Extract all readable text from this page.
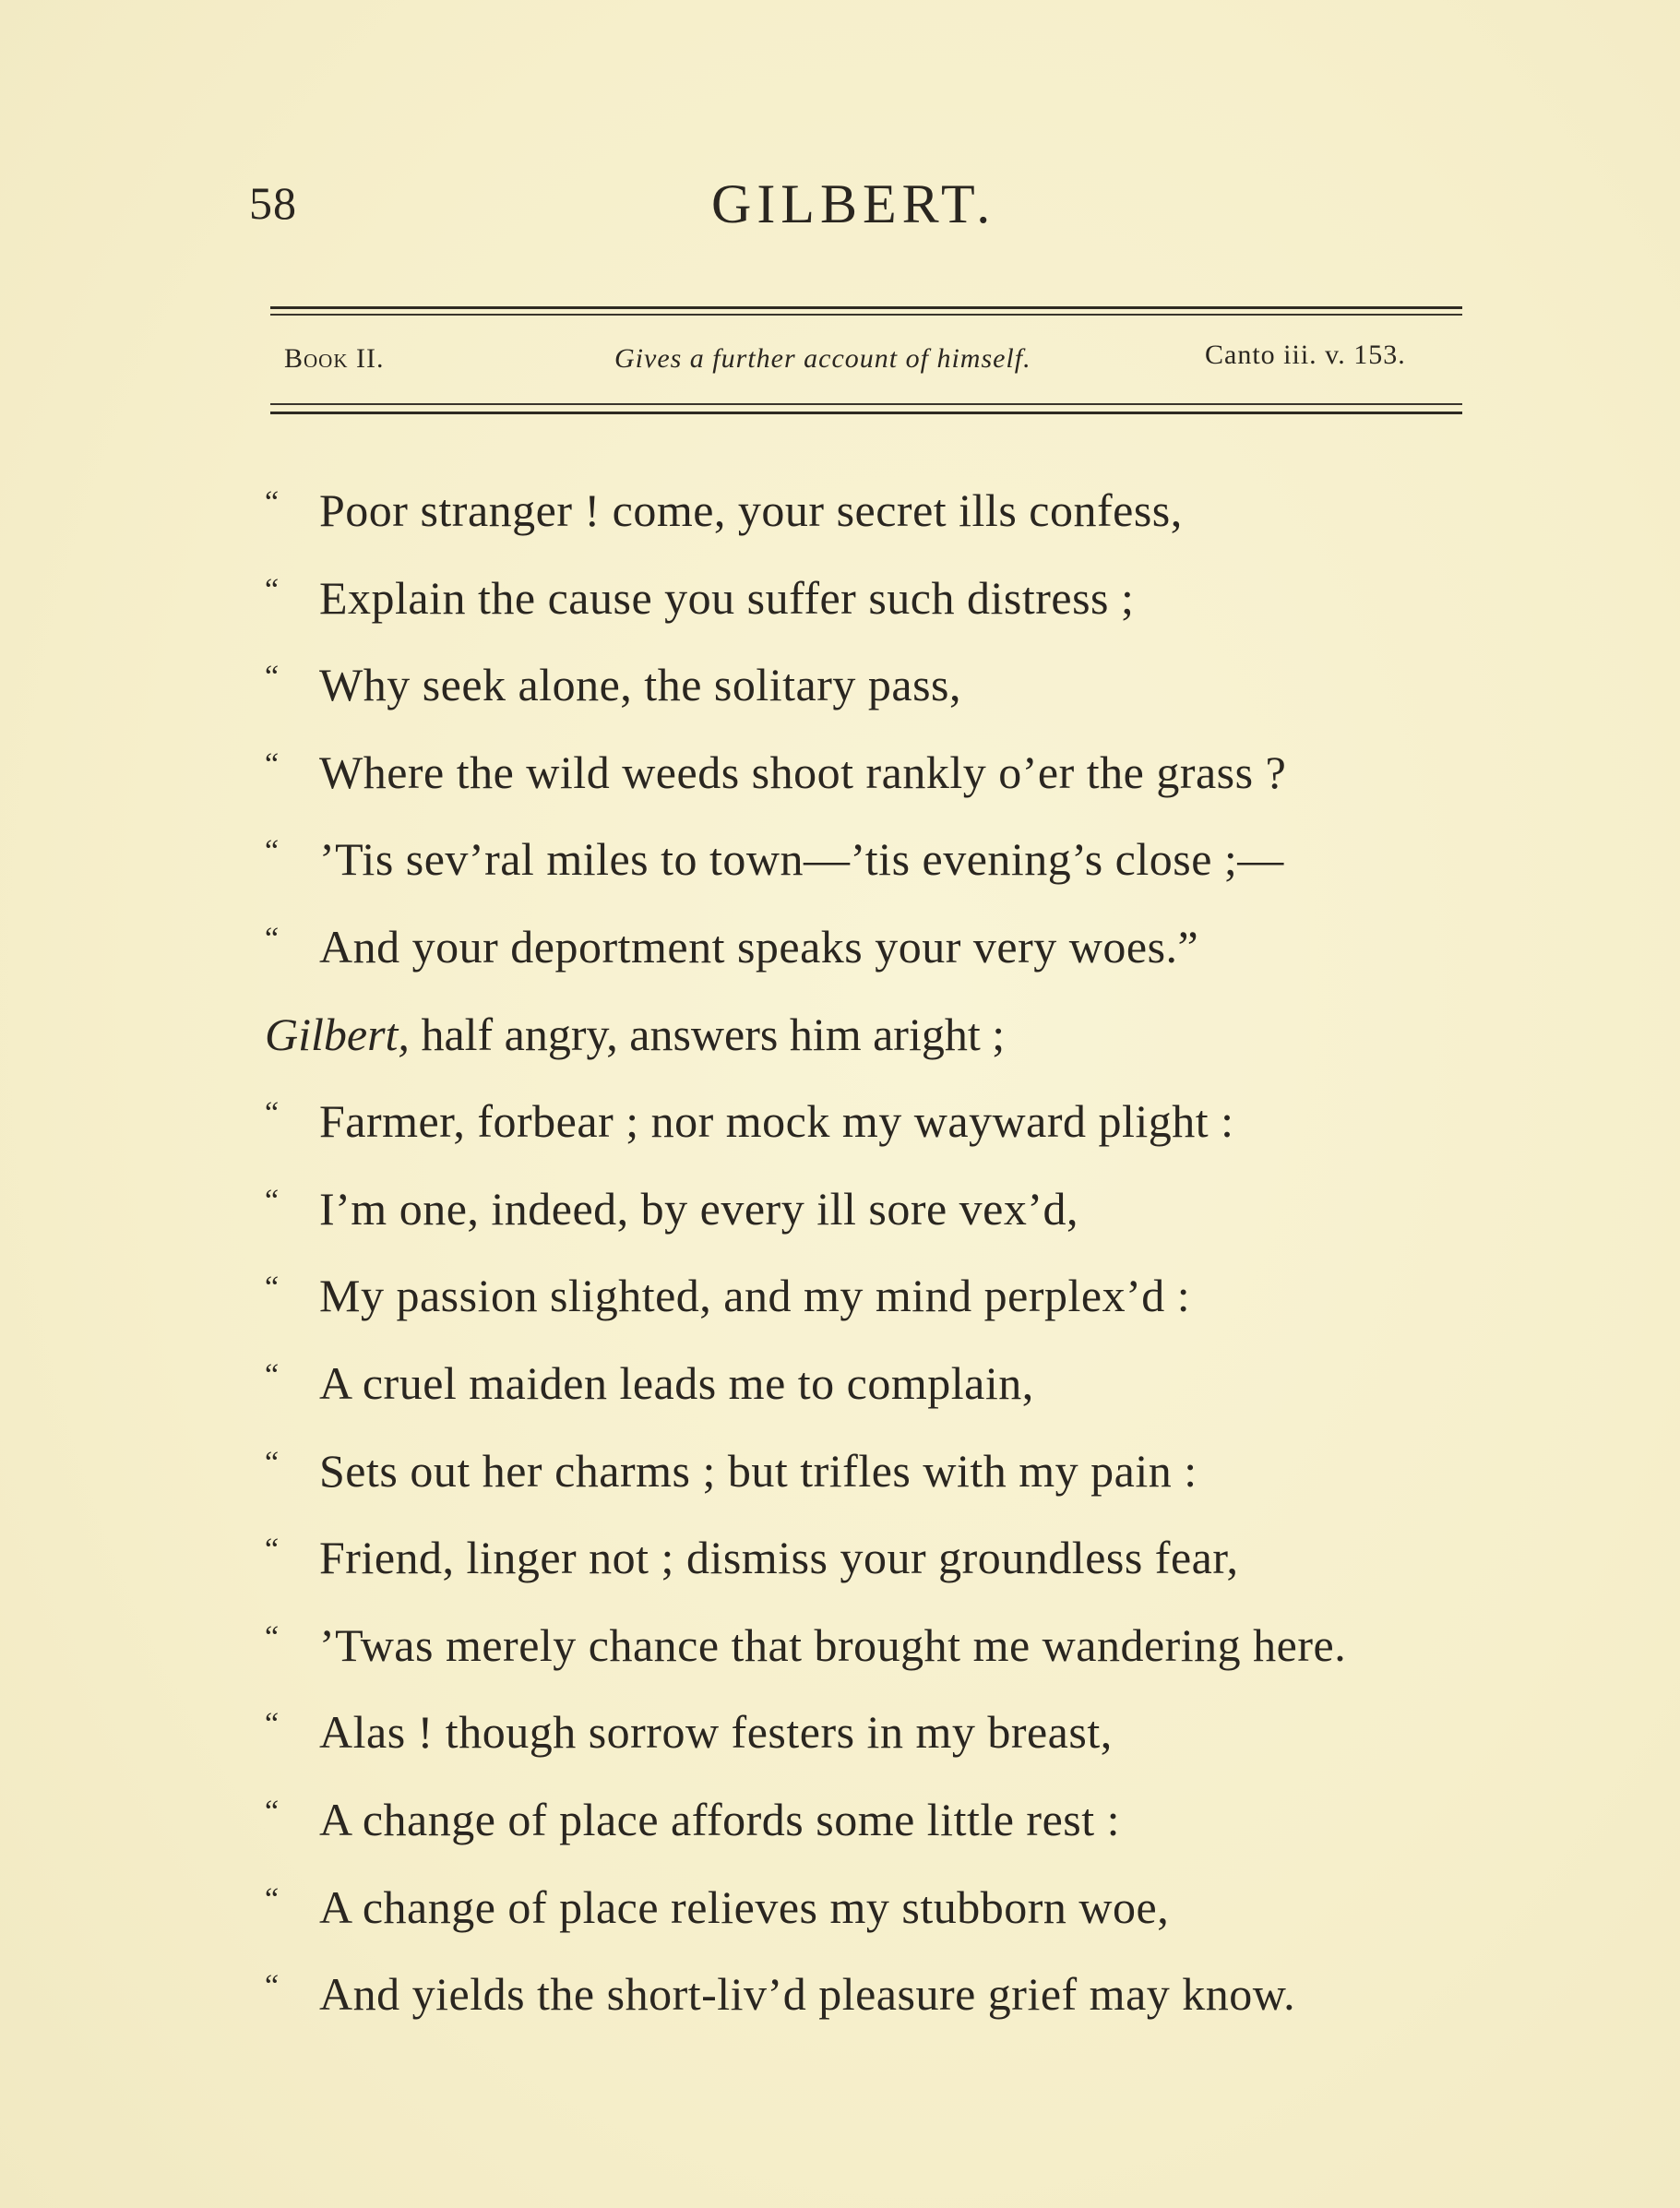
58	GILBERT.
Book II.	Gives a further account of himself.	Canto iii. v. 153.
Gilbert, half angry, answers him aright ;
“ Poor stranger ! come, your secret ills confess,
“ Explain the cause you suffer such distress ;
“ Why seek alone, the solitary pass,
“ Where the wild weeds shoot rankly o’er the grass ?
“ ’Tis sev’ral miles to town—’tis evening’s close ;—
“ And your deportment speaks your very woes.”
“ Farmer, forbear ; nor mock my wayward plight :
“ I’m one, indeed, by every ill sore vex’d,
“ My passion slighted, and my mind perplex’d :
“ A cruel maiden leads me to complain,
“ Sets out her charms ; but trifles with my pain :
“ Friend, linger not ; dismiss your groundless fear,
“ ’Twas merely chance that brought me wandering here.
“ Alas ! though sorrow festers in my breast,
“ A change of place affords some little rest :
“ A change of place relieves my stubborn woe,
“ And yields the short-liv’d pleasure grief may know.
